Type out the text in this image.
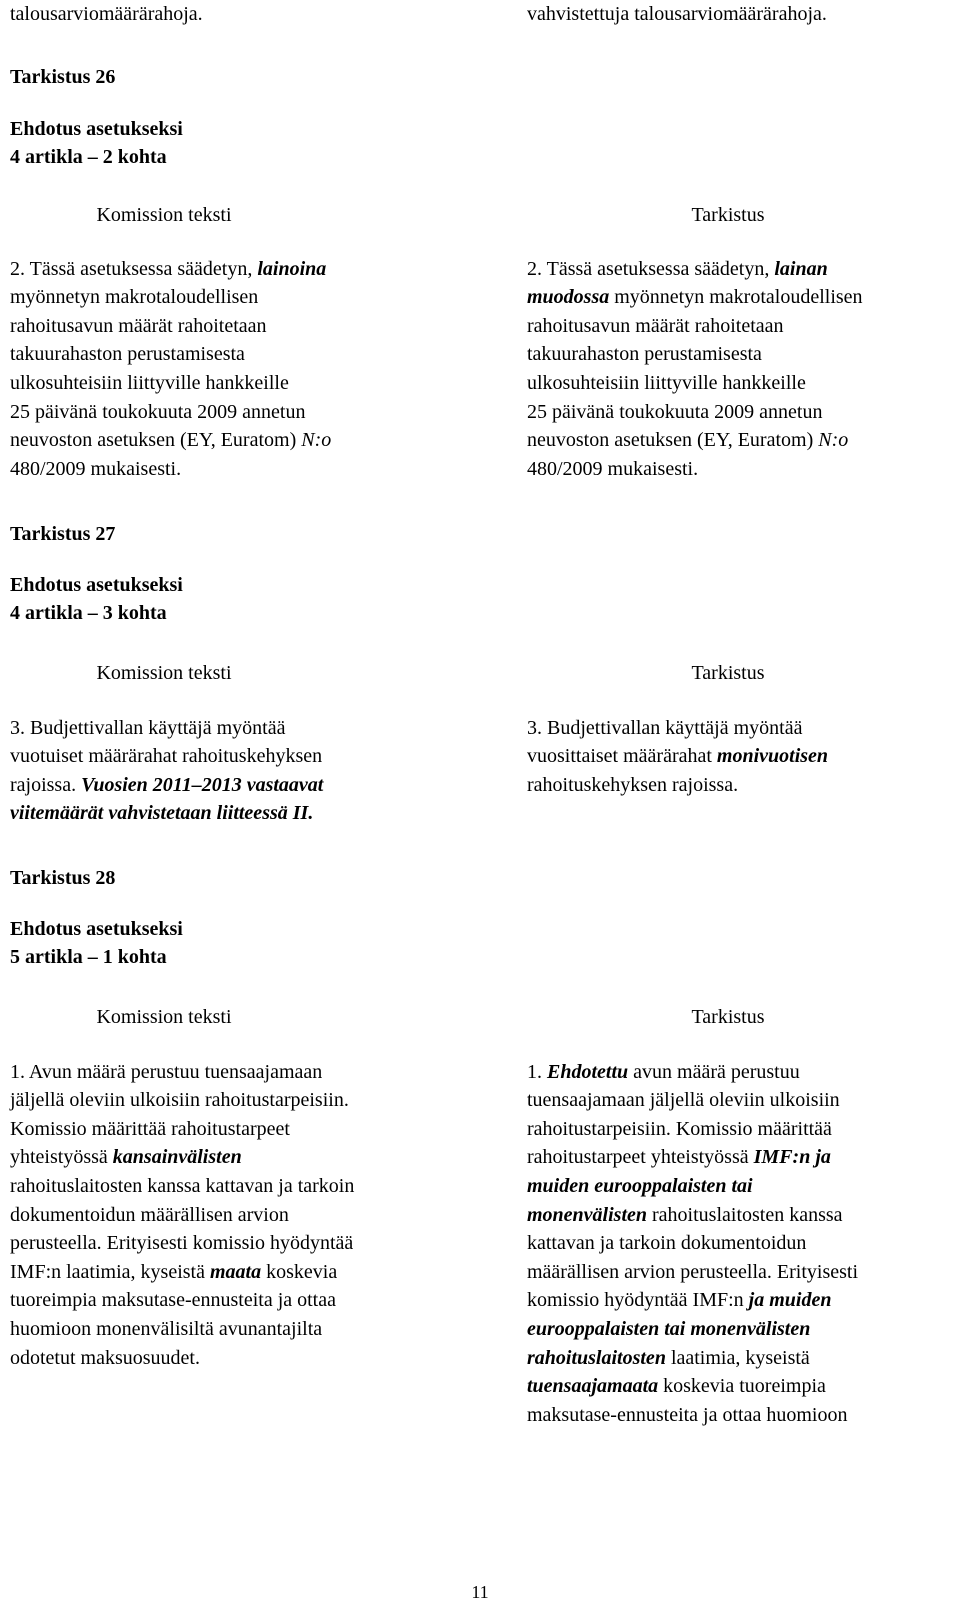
talousarviomäärärahoja.	vahvistettuja talousarviomäärärahoja.
Tarkistus 26
Ehdotus asetukseksi
4 artikla – 2 kohta
Komission teksti
2. Tässä asetuksessa säädetyn, lainoina
myönnetyn makrotaloudellisen
rahoitusavun määrät rahoitetaan
takuurahaston perustamisesta
ulkosuhteisiin liittyville hankkeille
25 päivänä toukokuuta 2009 annetun
neuvoston asetuksen (EY, Euratom) N:o
480/2009 mukaisesti.
Tarkistus
2. Tässä asetuksessa säädetyn, lainan
muodossa myönnetyn makrotaloudellisen
rahoitusavun määrät rahoitetaan
takuurahaston perustamisesta
ulkosuhteisiin liittyville hankkeille
25 päivänä toukokuuta 2009 annetun
neuvoston asetuksen (EY, Euratom) N:o
480/2009 mukaisesti.
Tarkistus 27
Ehdotus asetukseksi
4 artikla – 3 kohta
Komission teksti
3. Budjettivallan käyttäjä myöntää
vuotuiset määrärahat rahoituskehyksen
rajoissa. Vuosien 2011–2013 vastaavat
viitemäärät vahvistetaan liitteessä II.
Tarkistus
3. Budjettivallan käyttäjä myöntää
vuosittaiset määrärahat monivuotisen
rahoituskehyksen rajoissa.
Tarkistus 28
Ehdotus asetukseksi
5 artikla – 1 kohta
Komission teksti
1. Avun määrä perustuu tuensaajamaan
jäljellä oleviin ulkoisiin rahoitustarpeisiin.
Komissio määrittää rahoitustarpeet
yhteistyössä kansainvälisten
rahoituslaitosten kanssa kattavan ja tarkoin
dokumentoidun määrällisen arvion
perusteella. Erityisesti komissio hyödyntää
IMF:n laatimia, kyseistä maata koskevia
tuoreimpia maksutase-ennusteita ja ottaa
huomioon monenvälisiltä avunantajilta
odotetut maksuosuudet.
Tarkistus
1. Ehdotettu avun määrä perustuu
tuensaajamaan jäljellä oleviin ulkoisiin
rahoitustarpeisiin. Komissio määrittää
rahoitustarpeet yhteistyössä IMF:n ja
muiden eurooppalaisten tai
monenvälisten rahoituslaitosten kanssa
kattavan ja tarkoin dokumentoidun
määrällisen arvion perusteella. Erityisesti
komissio hyödyntää IMF:n ja muiden
eurooppalaisten tai monenvälisten
rahoituslaitosten laatimia, kyseistä
tuensaajamaata koskevia tuoreimpia
maksutase-ennusteita ja ottaa huomioon
11
